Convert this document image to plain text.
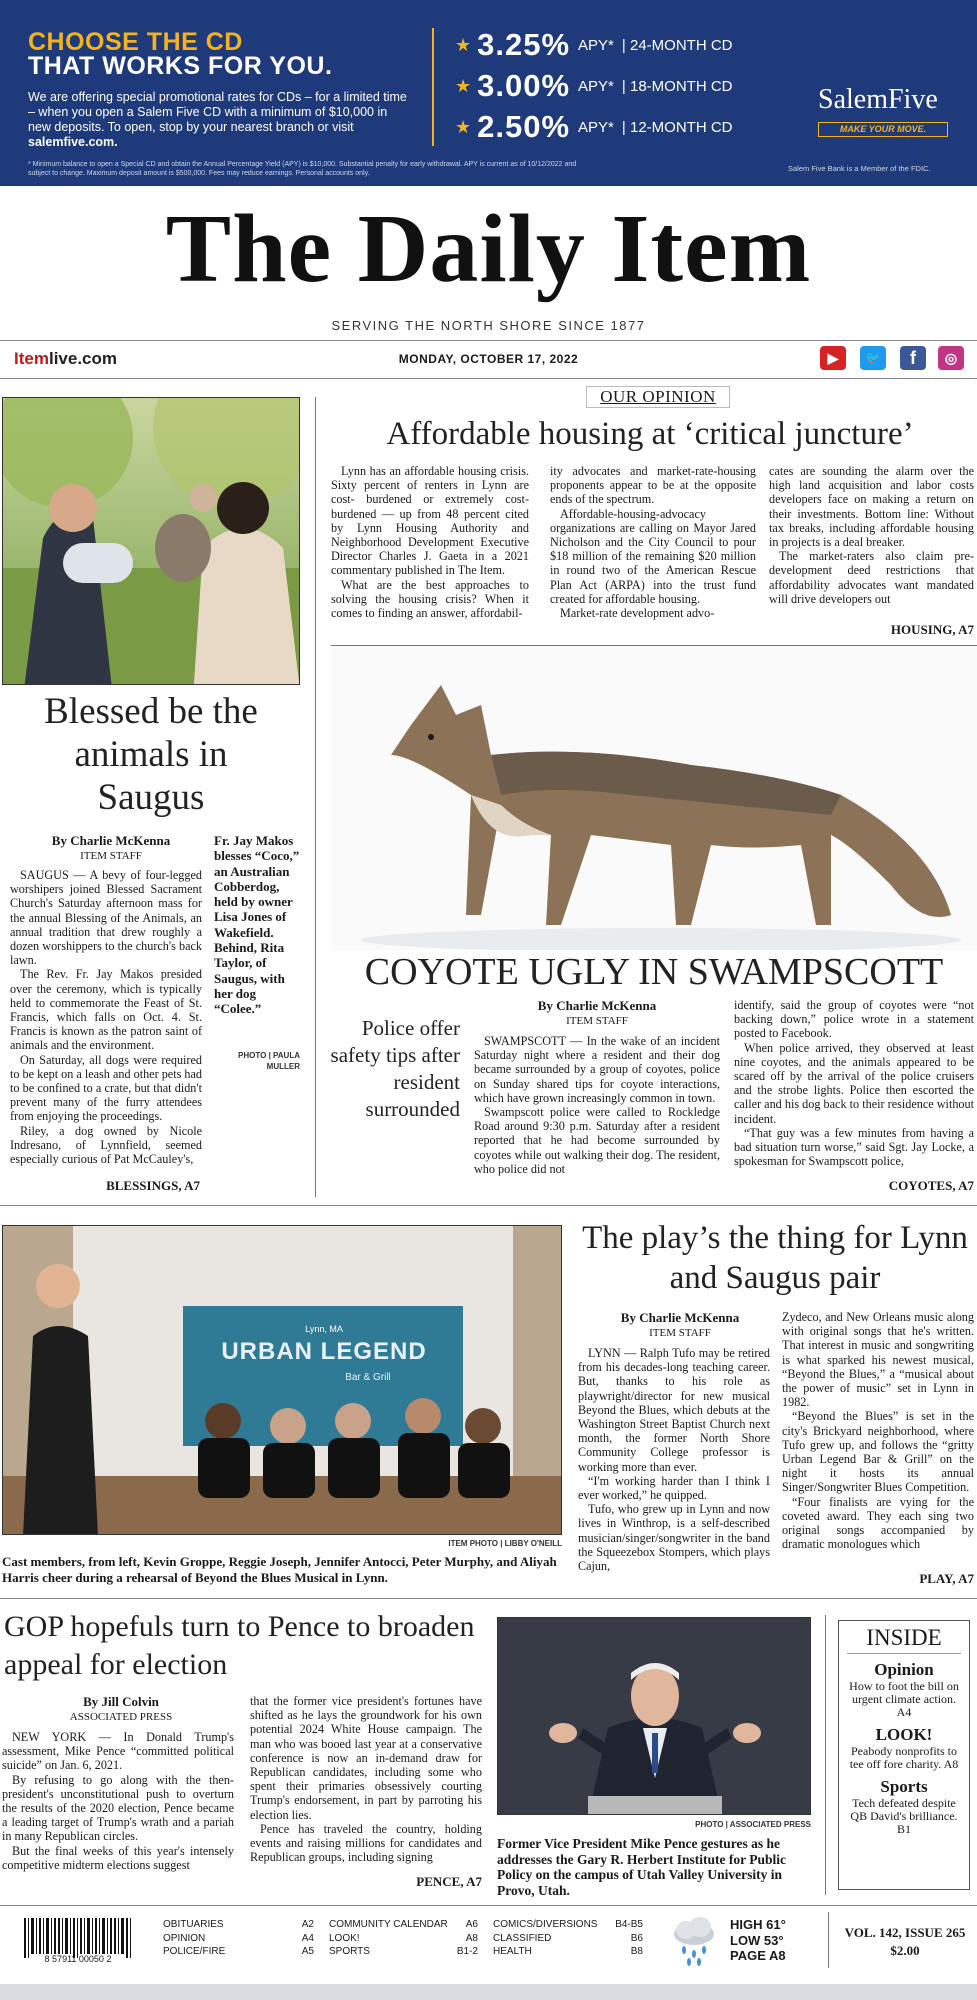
CHOOSE THE CD
THAT WORKS FOR YOU.
We are offering special promotional rates for CDs – for a limited time – when you open a Salem Five CD with a minimum of $10,000 in new deposits. To open, stop by your nearest branch or visit salemfive.com.
* Minimum balance to open a Special CD and obtain the Annual Percentage Yield (APY) is $10,000. Substantial penalty for early withdrawal. APY is current as of 10/12/2022 and subject to change. Maximum deposit amount is $500,000. Fees may reduce earnings. Personal accounts only.
★ 3.25% APY* | 24-MONTH CD
★ 3.00% APY* | 18-MONTH CD
★ 2.50% APY* | 12-MONTH CD
SalemFive
MAKE YOUR MOVE.
Salem Five Bank is a Member of the FDIC.
The Daily Item
SERVING THE NORTH SHORE SINCE 1877
Itemlive.com	MONDAY, OCTOBER 17, 2022	▶	🐦	f	◎
Blessed be the animals in Saugus
By Charlie McKenna
ITEM STAFF

SAUGUS — A bevy of four-legged worshipers joined Blessed Sacrament Church's Saturday afternoon mass for the annual Blessing of the Animals, an annual tradition that drew roughly a dozen worshippers to the church's back lawn.

The Rev. Fr. Jay Makos presided over the ceremony, which is typically held to commemorate the Feast of St. Francis, which falls on Oct. 4. St. Francis is known as the patron saint of animals and the environment.

On Saturday, all dogs were required to be kept on a leash and other pets had to be confined to a crate, but that didn't prevent many of the furry attendees from enjoying the proceedings.

Riley, a dog owned by Nicole Indresano, of Lynnfield, seemed especially curious of Pat McCauley's,

Fr. Jay Makos blesses “Coco,” an Australian Cobberdog, held by owner Lisa Jones of Wakefield. Behind, Rita Taylor, of Saugus, with her dog “Colee.”
PHOTO | PAULA MULLER
BLESSINGS, A7
OUR OPINION
Affordable housing at ‘critical juncture’

Lynn has an affordable housing crisis. Sixty percent of renters in Lynn are cost- burdened or extremely cost-burdened — up from 48 percent cited by Lynn Housing Authority and Neighborhood Development Executive Director Charles J. Gaeta in a 2021 commentary published in The Item.

What are the best approaches to solving the housing crisis? When it comes to finding an answer, affordabil-

ity advocates and market-rate-housing proponents appear to be at the opposite ends of the spectrum.

Affordable-housing-advocacy organizations are calling on Mayor Jared Nicholson and the City Council to pour $18 million of the remaining $20 million in round two of the American Rescue Plan Act (ARPA) into the trust fund created for affordable housing.

Market-rate development advo-

cates are sounding the alarm over the high land acquisition and labor costs developers face on making a return on their investments. Bottom line: Without tax breaks, including affordable housing in projects is a deal breaker.

The market-raters also claim pre-development deed restrictions that affordability advocates want mandated will drive developers out

HOUSING, A7
COYOTE UGLY IN SWAMPSCOTT
Police offer safety tips after resident surrounded
By Charlie McKenna
ITEM STAFF

SWAMPSCOTT — In the wake of an incident Saturday night where a resident and their dog became surrounded by a group of coyotes, police on Sunday shared tips for coyote interactions, which have grown increasingly common in town.

Swampscott police were called to Rockledge Road around 9:30 p.m. Saturday after a resident reported that he had become surrounded by coyotes while out walking their dog. The resident, who police did not

identify, said the group of coyotes were “not backing down,” police wrote in a statement posted to Facebook.

When police arrived, they observed at least nine coyotes, and the animals appeared to be scared off by the arrival of the police cruisers and the strobe lights. Police then escorted the caller and his dog back to their residence without incident.

“That guy was a few minutes from having a bad situation turn worse,” said Sgt. Jay Locke, a spokesman for Swampscott police,

COYOTES, A7
Lynn, MA
URBAN LEGEND
Bar & Grill
ITEM PHOTO | LIBBY O'NEILL
Cast members, from left, Kevin Groppe, Reggie Joseph, Jennifer Antocci, Peter Murphy, and Aliyah Harris cheer during a rehearsal of Beyond the Blues Musical in Lynn.
The play’s the thing for Lynn and Saugus pair
By Charlie McKenna
ITEM STAFF

LYNN — Ralph Tufo may be retired from his decades-long teaching career. But, thanks to his role as playwright/director for new musical Beyond the Blues, which debuts at the Washington Street Baptist Church next month, the former North Shore Community College professor is working more than ever.

“I'm working harder than I think I ever worked,” he quipped.

Tufo, who grew up in Lynn and now lives in Winthrop, is a self-described musician/singer/songwriter in the band the Squeezebox Stompers, which plays Cajun,

Zydeco, and New Orleans music along with original songs that he's written. That interest in music and songwriting is what sparked his newest musical, “Beyond the Blues,” a “musical about the power of music” set in Lynn in 1982.

“Beyond the Blues” is set in the city's Brickyard neighborhood, where Tufo grew up, and follows the “gritty Urban Legend Bar & Grill” on the night it hosts its annual Singer/Songwriter Blues Competition.

“Four finalists are vying for the coveted award. They each sing two original songs accompanied by dramatic monologues which

PLAY, A7
GOP hopefuls turn to Pence to broaden appeal for election
By Jill Colvin
ASSOCIATED PRESS

NEW YORK — In Donald Trump's assessment, Mike Pence “committed political suicide” on Jan. 6, 2021.

By refusing to go along with the then-president's unconstitutional push to overturn the results of the 2020 election, Pence became a leading target of Trump's wrath and a pariah in many Republican circles.

But the final weeks of this year's intensely competitive midterm elections suggest

that the former vice president's fortunes have shifted as he lays the groundwork for his own potential 2024 White House campaign. The man who was booed last year at a conservative conference is now an in-demand draw for Republican candidates, including some who spent their primaries obsessively courting Trump's endorsement, in part by parroting his election lies.

Pence has traveled the country, holding events and raising millions for candidates and Republican groups, including signing

PENCE, A7
PHOTO | ASSOCIATED PRESS
Former Vice President Mike Pence gestures as he addresses the Gary R. Herbert Institute for Public Policy on the campus of Utah Valley University in Provo, Utah.
INSIDE
Opinion
How to foot the bill on urgent climate action. A4
LOOK!
Peabody nonprofits to tee off fore charity. A8
Sports
Tech defeated despite QB David's brilliance. B1
8 57911 00050 2
OBITUARIES	A2
OPINION	A4
POLICE/FIRE	A5
COMMUNITY CALENDAR A6
LOOK!	A8
SPORTS	B1-2
COMICS/DIVERSIONS B4-B5
CLASSIFIED	B6
HEALTH	B8
HIGH 61°
LOW 53°
PAGE A8
VOL. 142, ISSUE 265
$2.00
